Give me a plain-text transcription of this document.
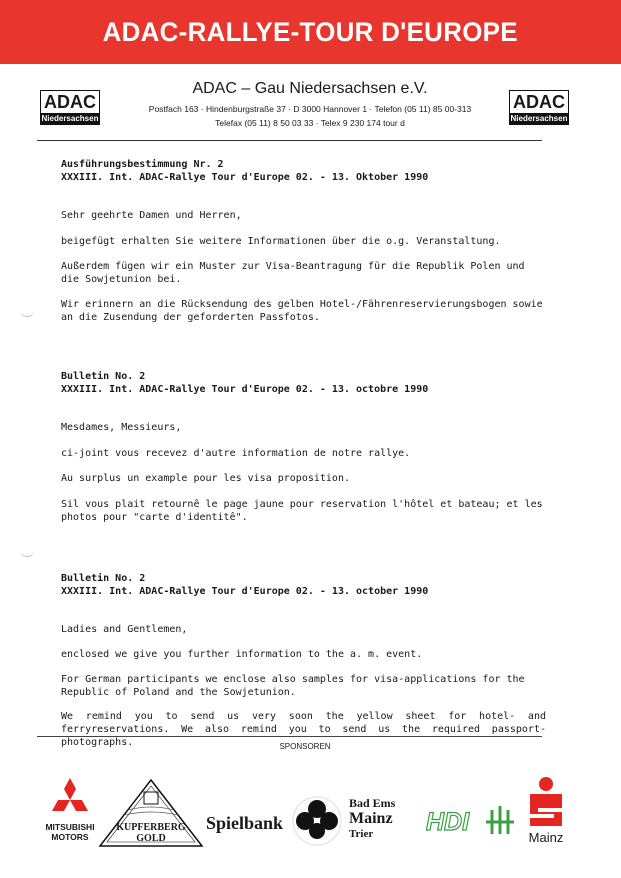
ADAC-RALLYE-TOUR D'EUROPE
ADAC
Niedersachsen
ADAC
Niedersachsen
ADAC – Gau Niedersachsen e.V.
Postfach 163 · Hindenburgstraße 37 · D 3000 Hannover 1 · Telefon (05 11) 85 00-313
Telefax (05 11) 8 50 03 33 · Telex 9 230 174 tour d
Ausführungsbestimmung Nr. 2
XXXIII. Int. ADAC-Rallye Tour d'Europe 02. - 13. Oktober 1990
Sehr geehrte Damen und Herren,
beigefügt erhalten Sie weitere Informationen über die o.g. Veranstaltung.
Außerdem fügen wir ein Muster zur Visa-Beantragung für die Republik Polen und die Sowjetunion bei.
Wir erinnern an die Rücksendung des gelben Hotel-/Fährenreservierungsbogen sowie an die Zusendung der geforderten Passfotos.
Bulletin No. 2
XXXIII. Int. ADAC-Rallye Tour d'Europe 02. - 13. octobre 1990
Mesdames, Messieurs,
ci-joint vous recevez d'autre information de notre rallye.
Au surplus un example pour les visa proposition.
Sil vous plait retournê le page jaune pour reservation l'hôtel et bateau; et les photos pour "carte d'identitê".
Bulletin No. 2
XXXIII. Int. ADAC-Rallye Tour d'Europe 02. - 13. october 1990
Ladies and Gentlemen,
enclosed we give you further information to the a. m. event.
For German participants we enclose also samples for visa-applications for the Republic of Poland and the Sowjetunion.
We remind you to send us very soon the yellow sheet for hotel- and ferryreservations. We also remind you to send us the required passport-photographs.	SPONSOREN
MITSUBISHI
MOTORS
KUPFERBERG
GOLD
Spielbank
Bad Ems
Mainz
Trier	HDI
Mainz
